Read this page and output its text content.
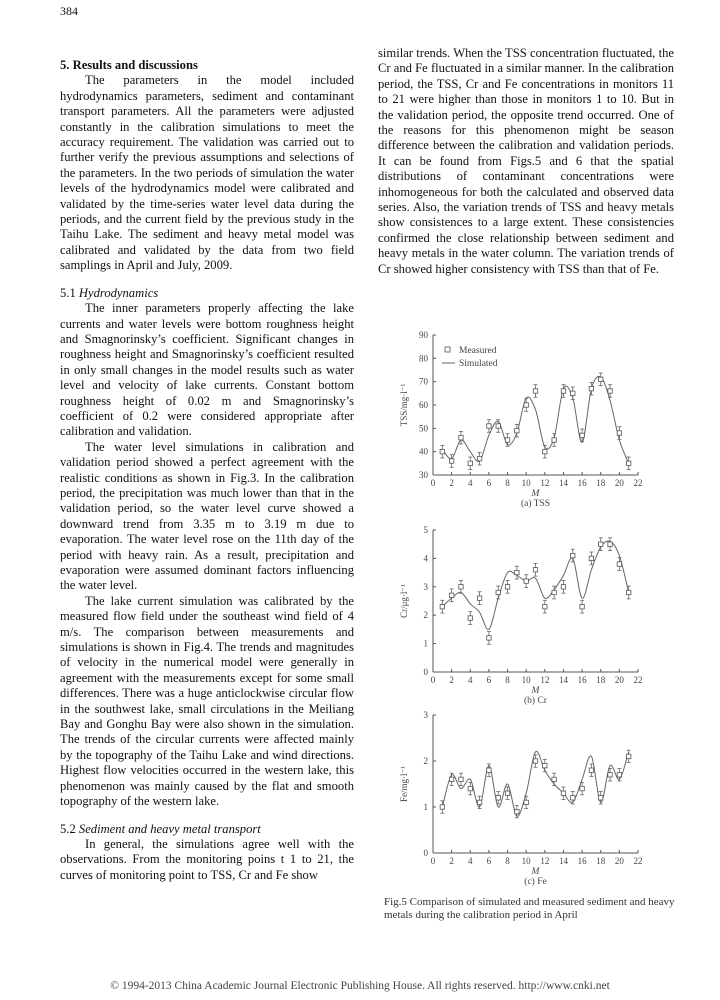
384
5. Results and discussions

The parameters in the model included hydrodynamics parameters, sediment and contaminant transport parameters. All the parameters were adjusted constantly in the calibration simulations to meet the accuracy requirement. The validation was carried out to further verify the previous assumptions and selections of the parameters. In the two periods of simulation the water levels of the hydrodynamics model were calibrated and validated by the time-series water level data during the periods, and the current field by the previous study in the Taihu Lake. The sediment and heavy metal model was calibrated and validated by the data from two field samplings in April and July, 2009.

5.1 Hydrodynamics

The inner parameters properly affecting the lake currents and water levels were bottom roughness height and Smagnorinsky’s coefficient. Significant changes in roughness height and Smagnorinsky’s coefficient resulted in only small changes in the model results such as water level and velocity of lake currents. Constant bottom roughness height of 0.02 m and Smagnorinsky’s coefficient of 0.2 were considered appropriate after calibration and validation.

The water level simulations in calibration and validation period showed a perfect agreement with the realistic conditions as shown in Fig.3. In the calibration period, the precipitation was much lower than that in the validation period, so the water level curve showed a downward trend from 3.35 m to 3.19 m due to evaporation. The water level rose on the 11th day of the period with heavy rain. As a result, precipitation and evaporation were assumed dominant factors influencing the water level.

The lake current simulation was calibrated by the measured flow field under the southeast wind field of 4 m/s. The comparison between measurements and simulations is shown in Fig.4. The trends and magnitudes of velocity in the numerical model were generally in agreement with the measurements except for some small differences. There was a huge anticlockwise circular flow in the southwest lake, small circulations in the Meiliang Bay and Gonghu Bay were also shown in the simulation. The trends of the circular currents were affected mainly by the topography of the Taihu Lake and wind directions. Highest flow velocities occurred in the western lake, this phenomenon was mainly caused by the flat and smooth topography of the western lake.

5.2 Sediment and heavy metal transport

In general, the simulations agree well with the observations. From the monitoring poins t 1 to 21, the curves of monitoring point to TSS, Cr and Fe show

similar trends. When the TSS concentration fluctuated, the Cr and Fe fluctuated in a similar manner. In the calibration period, the TSS, Cr and Fe concentrations in monitors 11 to 21 were higher than those in monitors 1 to 10. But in the validation period, the opposite trend occurred. One of the reasons for this phenomenon might be season difference between the calibration and validation periods. It can be found from Figs.5 and 6 that the spatial distributions of contaminant concentrations were inhomogeneous for both the calculated and observed data series. Also, the variation trends of TSS and heavy metals show consistences to a large extent. These consistencies confirmed the close relationship between sediment and heavy metals in the water column. The variation trends of Cr showed higher consistency with TSS than that of Fe.

30
40
50
60
70
80
90
0 2 4 6 8 10 12 14 16 18 20 22
M
(a) TSS
TSS/mg·l⁻¹
Measured
Simulated
0
1
2
3
4
5
0 2 4 6 8 10 12 14 16 18 20 22
M
(b) Cr
Cr/μg·l⁻¹
0
1
2
3
0 2 4 6 8 10 12 14 16 18 20 22
M
(c) Fe
Fe/mg·l⁻¹
Fig.5 Comparison of simulated and measured sediment and heavy metals during the calibration period in April
© 1994-2013 China Academic Journal Electronic Publishing House. All rights reserved. http://www.cnki.net
